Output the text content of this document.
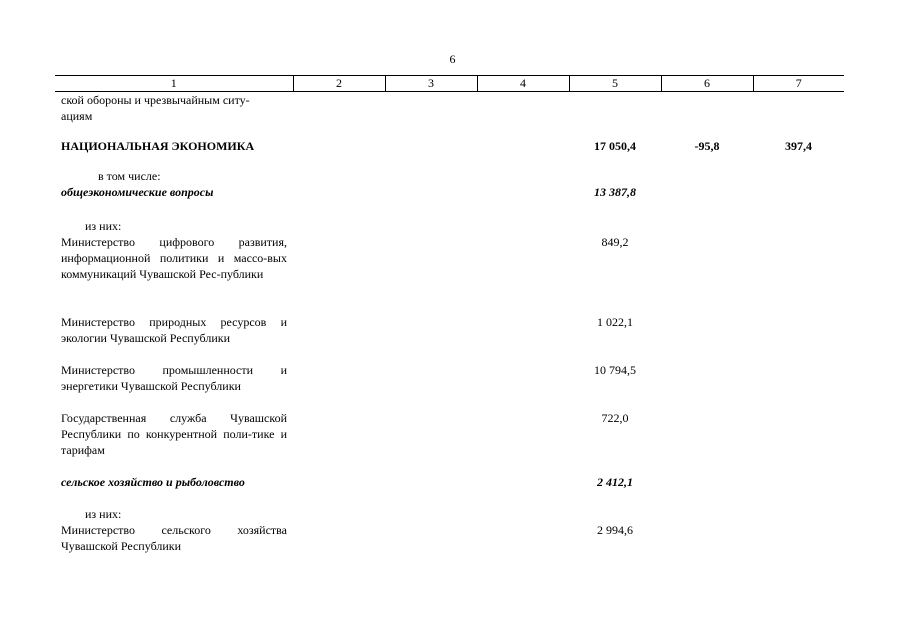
6
1	2	3	4	5	6	7

ской обороны и чрезвычайным ситу-
ациям						

НАЦИОНАЛЬНАЯ ЭКОНОМИКА				17 050,4	-95,8	397,4

в том числе:
общеэкономические вопросы				13 387,8		

из них:
Министерство цифрового развития, информационной политики и массо-вых коммуникаций Чувашской Рес-публики				849,2		

Министерство природных ресурсов и экологии Чувашской Республики				1 022,1		
Министерство промышленности и энергетики Чувашской Республики				10 794,5		
Государственная служба Чувашской Республики по конкурентной поли-тике и тарифам				722,0		
сельское хозяйство и рыболовство				2 412,1		

из них:
Министерство сельского хозяйства Чувашской Республики				2 994,6		
